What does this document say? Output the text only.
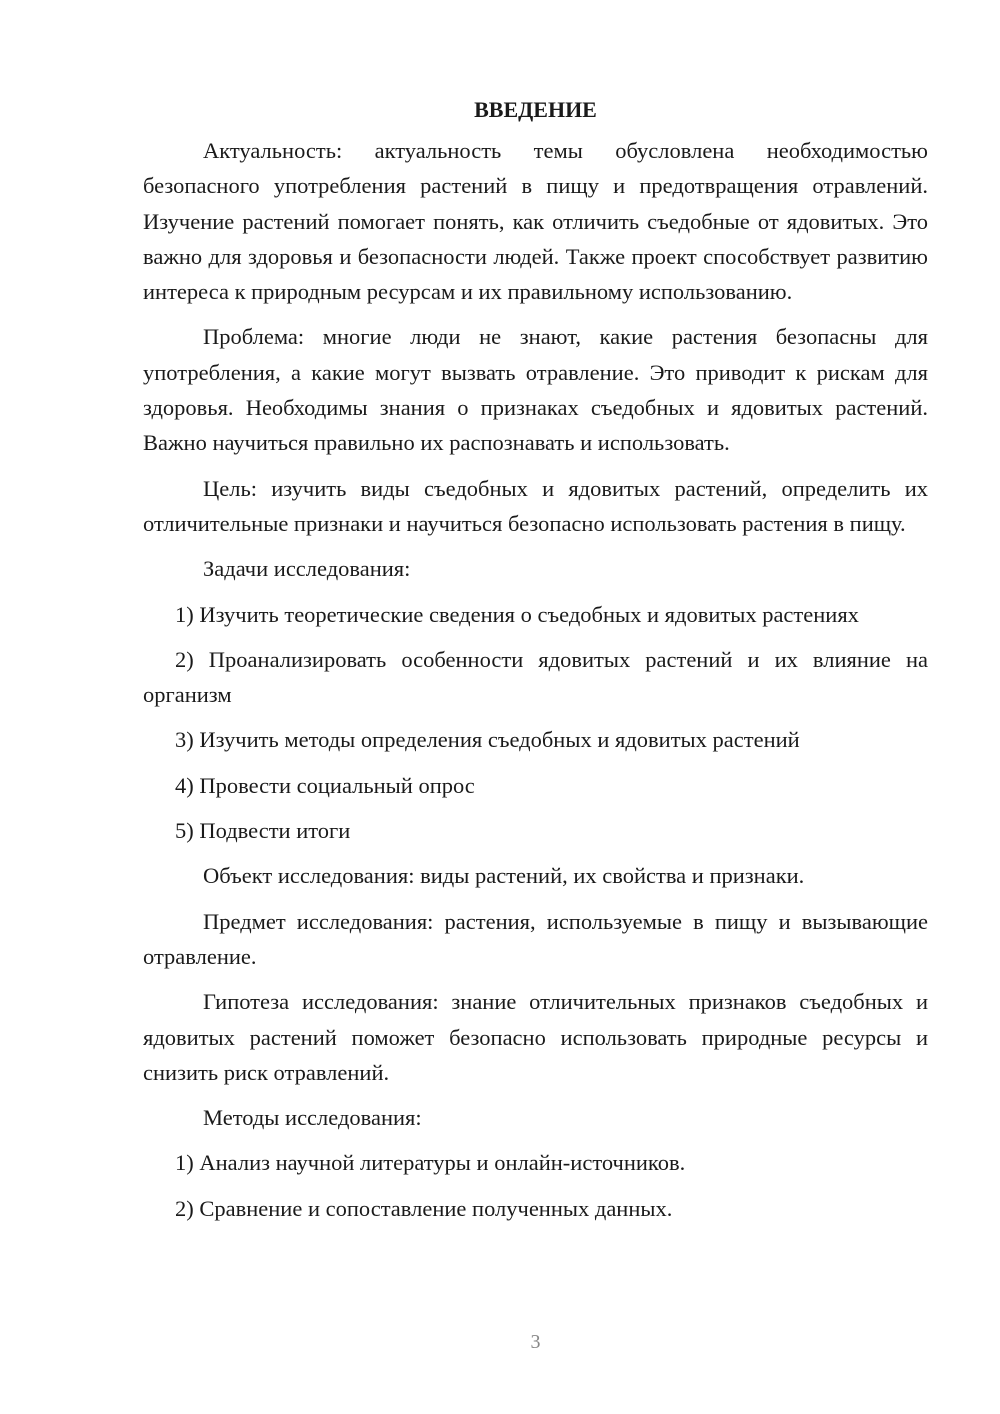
ВВЕДЕНИЕ

Актуальность: актуальность темы обусловлена необходимостью безопасного употребления растений в пищу и предотвращения отравлений. Изучение растений помогает понять, как отличить съедобные от ядовитых. Это важно для здоровья и безопасности людей. Также проект способствует развитию интереса к природным ресурсам и их правильному использованию.

Проблема: многие люди не знают, какие растения безопасны для употребления, а какие могут вызвать отравление. Это приводит к рискам для здоровья. Необходимы знания о признаках съедобных и ядовитых растений. Важно научиться правильно их распознавать и использовать.

Цель: изучить виды съедобных и ядовитых растений, определить их отличительные признаки и научиться безопасно использовать растения в пищу.

Задачи исследования:

1) Изучить теоретические сведения о съедобных и ядовитых растениях

2) Проанализировать особенности ядовитых растений и их влияние на организм

3) Изучить методы определения съедобных и ядовитых растений

4) Провести социальный опрос

5) Подвести итоги

Объект исследования: виды растений, их свойства и признаки.

Предмет исследования: растения, используемые в пищу и вызывающие отравление.

Гипотеза исследования: знание отличительных признаков съедобных и ядовитых растений поможет безопасно использовать природные ресурсы и снизить риск отравлений.

Методы исследования:

1) Анализ научной литературы и онлайн-источников.

2) Сравнение и сопоставление полученных данных.

3
